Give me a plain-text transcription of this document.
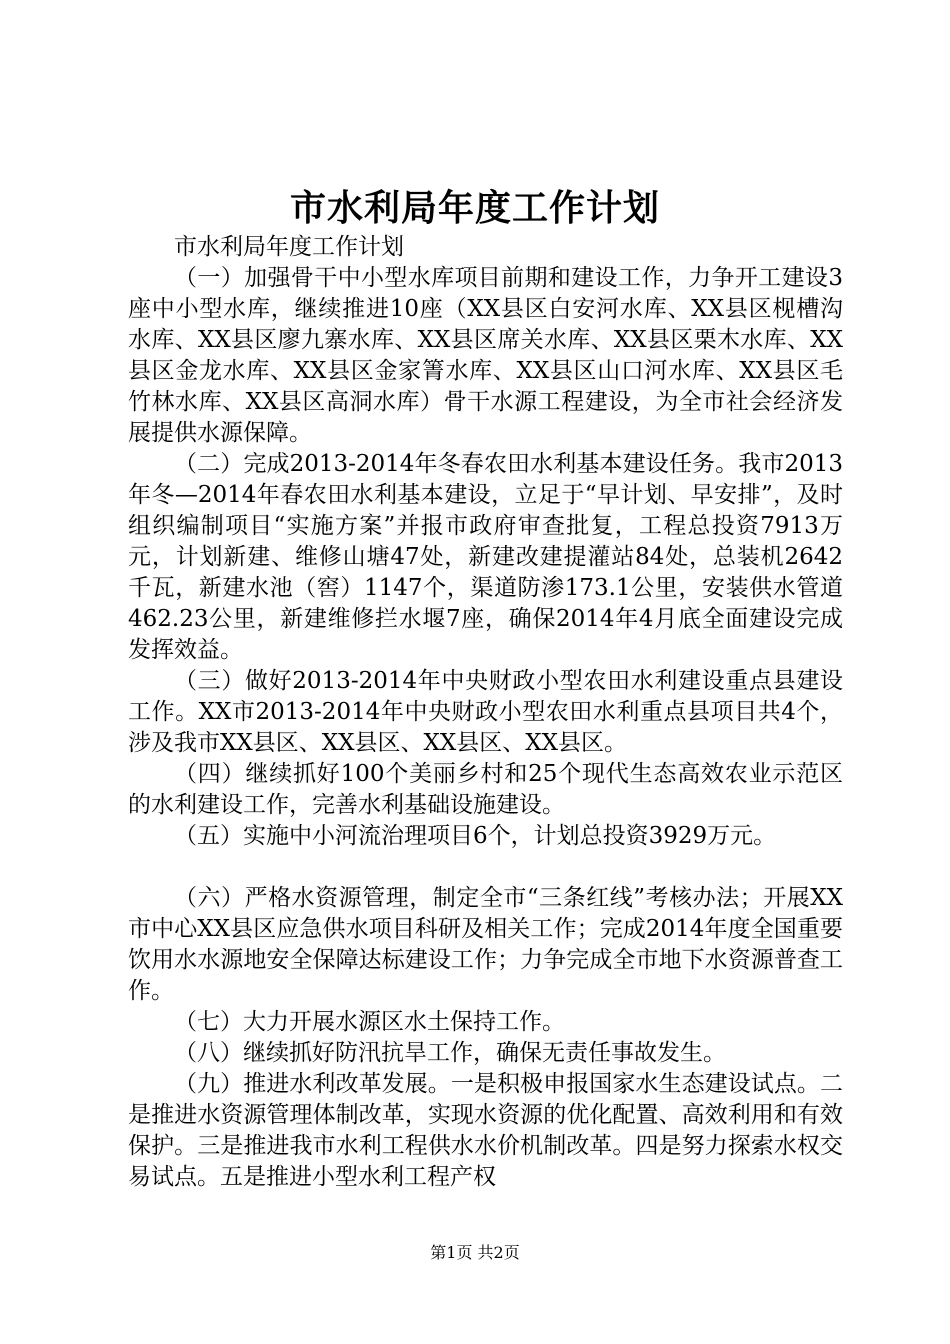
市水利局年度工作计划

市水利局年度工作计划

（一）加强骨干中小型水库项目前期和建设工作，力争开工建设3座中小型水库，继续推进10座（XX县区白安河水库、XX县区枧槽沟水库、XX县区廖九寨水库、XX县区席关水库、XX县区栗木水库、XX县区金龙水库、XX县区金家箐水库、XX县区山口河水库、XX县区毛竹林水库、XX县区高洞水库）骨干水源工程建设，为全市社会经济发展提供水源保障。

（二）完成2013-2014年冬春农田水利基本建设任务。我市2013年冬—2014年春农田水利基本建设，立足于“早计划、早安排”，及时组织编制项目“实施方案”并报市政府审查批复，工程总投资7913万元，计划新建、维修山塘47处，新建改建提灌站84处，总装机2642千瓦，新建水池（窖）1147个，渠道防渗173.1公里，安装供水管道462.23公里，新建维修拦水堰7座，确保2014年4月底全面建设完成发挥效益。

（三）做好2013-2014年中央财政小型农田水利建设重点县建设工作。XX市2013-2014年中央财政小型农田水利重点县项目共4个，涉及我市XX县区、XX县区、XX县区、XX县区。

（四）继续抓好100个美丽乡村和25个现代生态高效农业示范区的水利建设工作，完善水利基础设施建设。

（五）实施中小河流治理项目6个，计划总投资3929万元。

（六）严格水资源管理，制定全市“三条红线”考核办法；开展XX市中心XX县区应急供水项目科研及相关工作；完成2014年度全国重要饮用水水源地安全保障达标建设工作；力争完成全市地下水资源普查工作。

（七）大力开展水源区水土保持工作。

（八）继续抓好防汛抗旱工作，确保无责任事故发生。

（九）推进水利改革发展。一是积极申报国家水生态建设试点。二是推进水资源管理体制改革，实现水资源的优化配置、高效利用和有效保护。三是推进我市水利工程供水水价机制改革。四是努力探索水权交易试点。五是推进小型水利工程产权

第1页 共2页
